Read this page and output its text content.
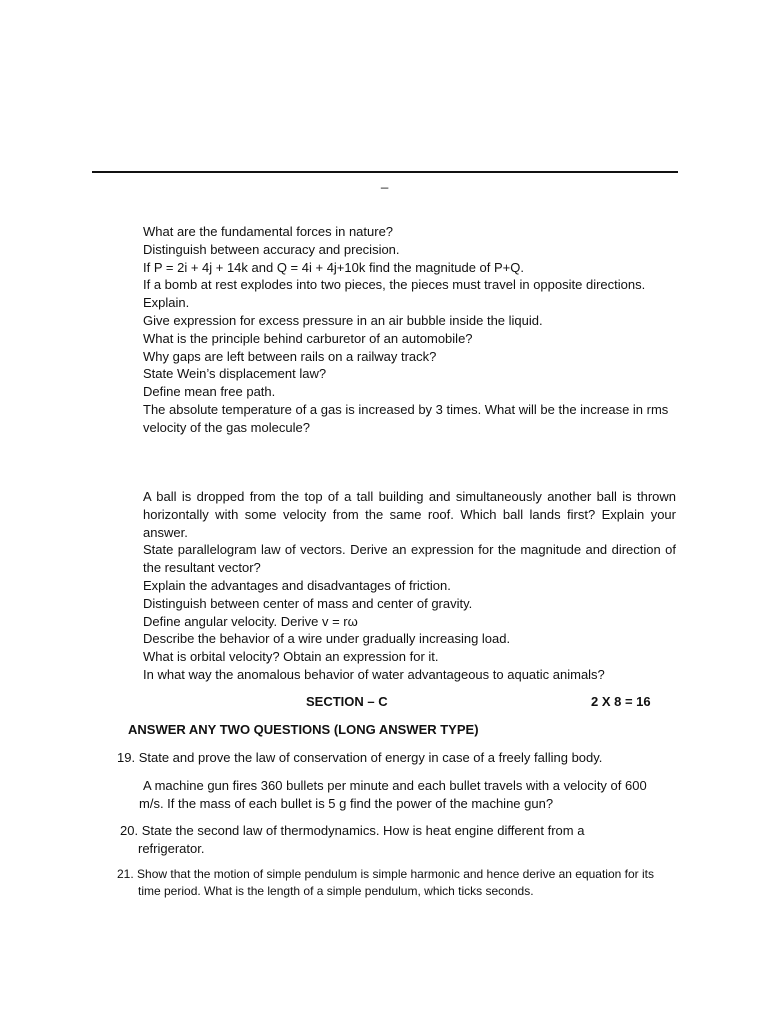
_

What are the fundamental forces in nature?

Distinguish between accuracy and precision.

If P = 2i + 4j + 14k and Q = 4i + 4j+10k find the magnitude of P+Q.

If a bomb at rest explodes into two pieces, the pieces must travel in opposite directions. Explain.

Give expression for excess pressure in an air bubble inside the liquid.

What is the principle behind carburetor of an automobile?

Why gaps are left between rails on a railway track?

State Wein’s displacement law?

Define mean free path.

The absolute temperature of a gas is increased by 3 times. What will be the increase in rms velocity of the gas molecule?

A ball is dropped from the top of a tall building and simultaneously another ball is thrown horizontally with some velocity from the same roof. Which ball lands first? Explain your answer.

State parallelogram law of vectors. Derive an expression for the magnitude and direction of the resultant vector?

Explain the advantages and disadvantages of friction.

Distinguish between center of mass and center of gravity.

Define angular velocity. Derive v = rω

Describe the behavior of a wire under gradually increasing load.

What is orbital velocity? Obtain an expression for it.

In what way the anomalous behavior of water advantageous to aquatic animals?

SECTION – C	2 X 8 = 16
ANSWER ANY TWO QUESTIONS (LONG ANSWER TYPE)
19. State and prove the law of conservation of energy in case of a freely falling body.
A machine gun fires 360 bullets per minute and each bullet travels with a velocity of 600 m/s. If the mass of each bullet is 5 g find the power of the machine gun?
20. State the second law of thermodynamics. How is heat engine different from a refrigerator.
21. Show that the motion of simple pendulum is simple harmonic and hence derive an equation for its time period. What is the length of a simple pendulum, which ticks seconds.
